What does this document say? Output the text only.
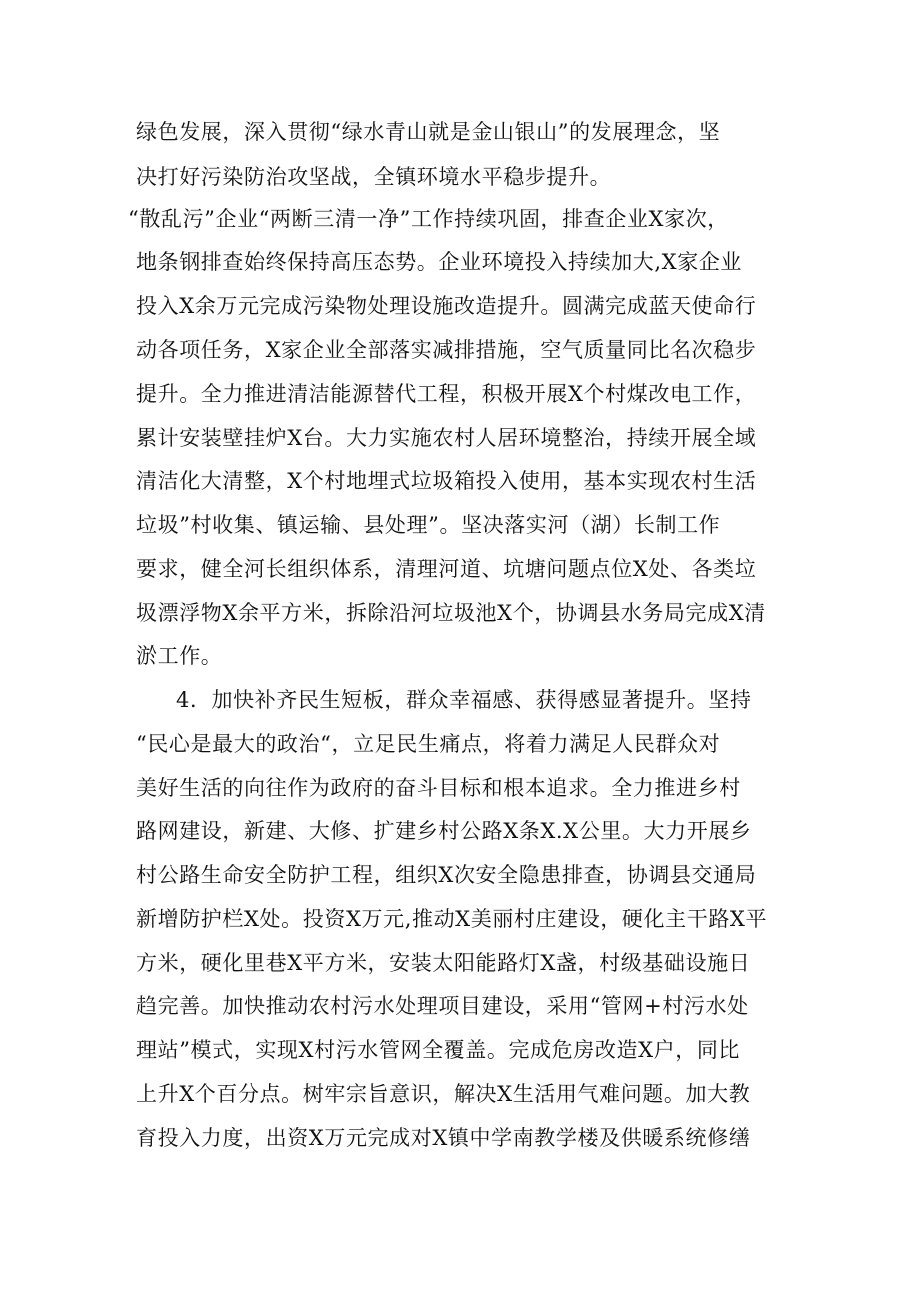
绿色发展，深入贯彻“绿水青山就是金山银山”的发展理念，坚
决打好污染防治攻坚战，全镇环境水平稳步提升。
“散乱污”企业“两断三清一净”工作持续巩固，排查企业X家次，
地条钢排查始终保持高压态势。企业环境投入持续加大,X家企业
投入X余万元完成污染物处理设施改造提升。圆满完成蓝天使命行
动各项任务，X家企业全部落实减排措施，空气质量同比名次稳步
提升。全力推进清洁能源替代工程，积极开展X个村煤改电工作，
累计安装壁挂炉X台。大力实施农村人居环境整治，持续开展全域
清洁化大清整，X个村地埋式垃圾箱投入使用，基本实现农村生活
垃圾”村收集、镇运输、县处理”。坚决落实河（湖）长制工作
要求，健全河长组织体系，清理河道、坑塘问题点位X处、各类垃
圾漂浮物X余平方米，拆除沿河垃圾池X个，协调县水务局完成X清
淤工作。
4．加快补齐民生短板，群众幸福感、获得感显著提升。坚持
“民心是最大的政治“，立足民生痛点，将着力满足人民群众对
美好生活的向往作为政府的奋斗目标和根本追求。全力推进乡村
路网建设，新建、大修、扩建乡村公路X条X.X公里。大力开展乡
村公路生命安全防护工程，组织X次安全隐患排查，协调县交通局
新增防护栏X处。投资X万元,推动X美丽村庄建设，硬化主干路X平
方米，硬化里巷X平方米，安装太阳能路灯X盏，村级基础设施日
趋完善。加快推动农村污水处理项目建设，采用“管网+村污水处
理站”模式，实现X村污水管网全覆盖。完成危房改造X户，同比
上升X个百分点。树牢宗旨意识，解决X生活用气难问题。加大教
育投入力度，出资X万元完成对X镇中学南教学楼及供暖系统修缮
